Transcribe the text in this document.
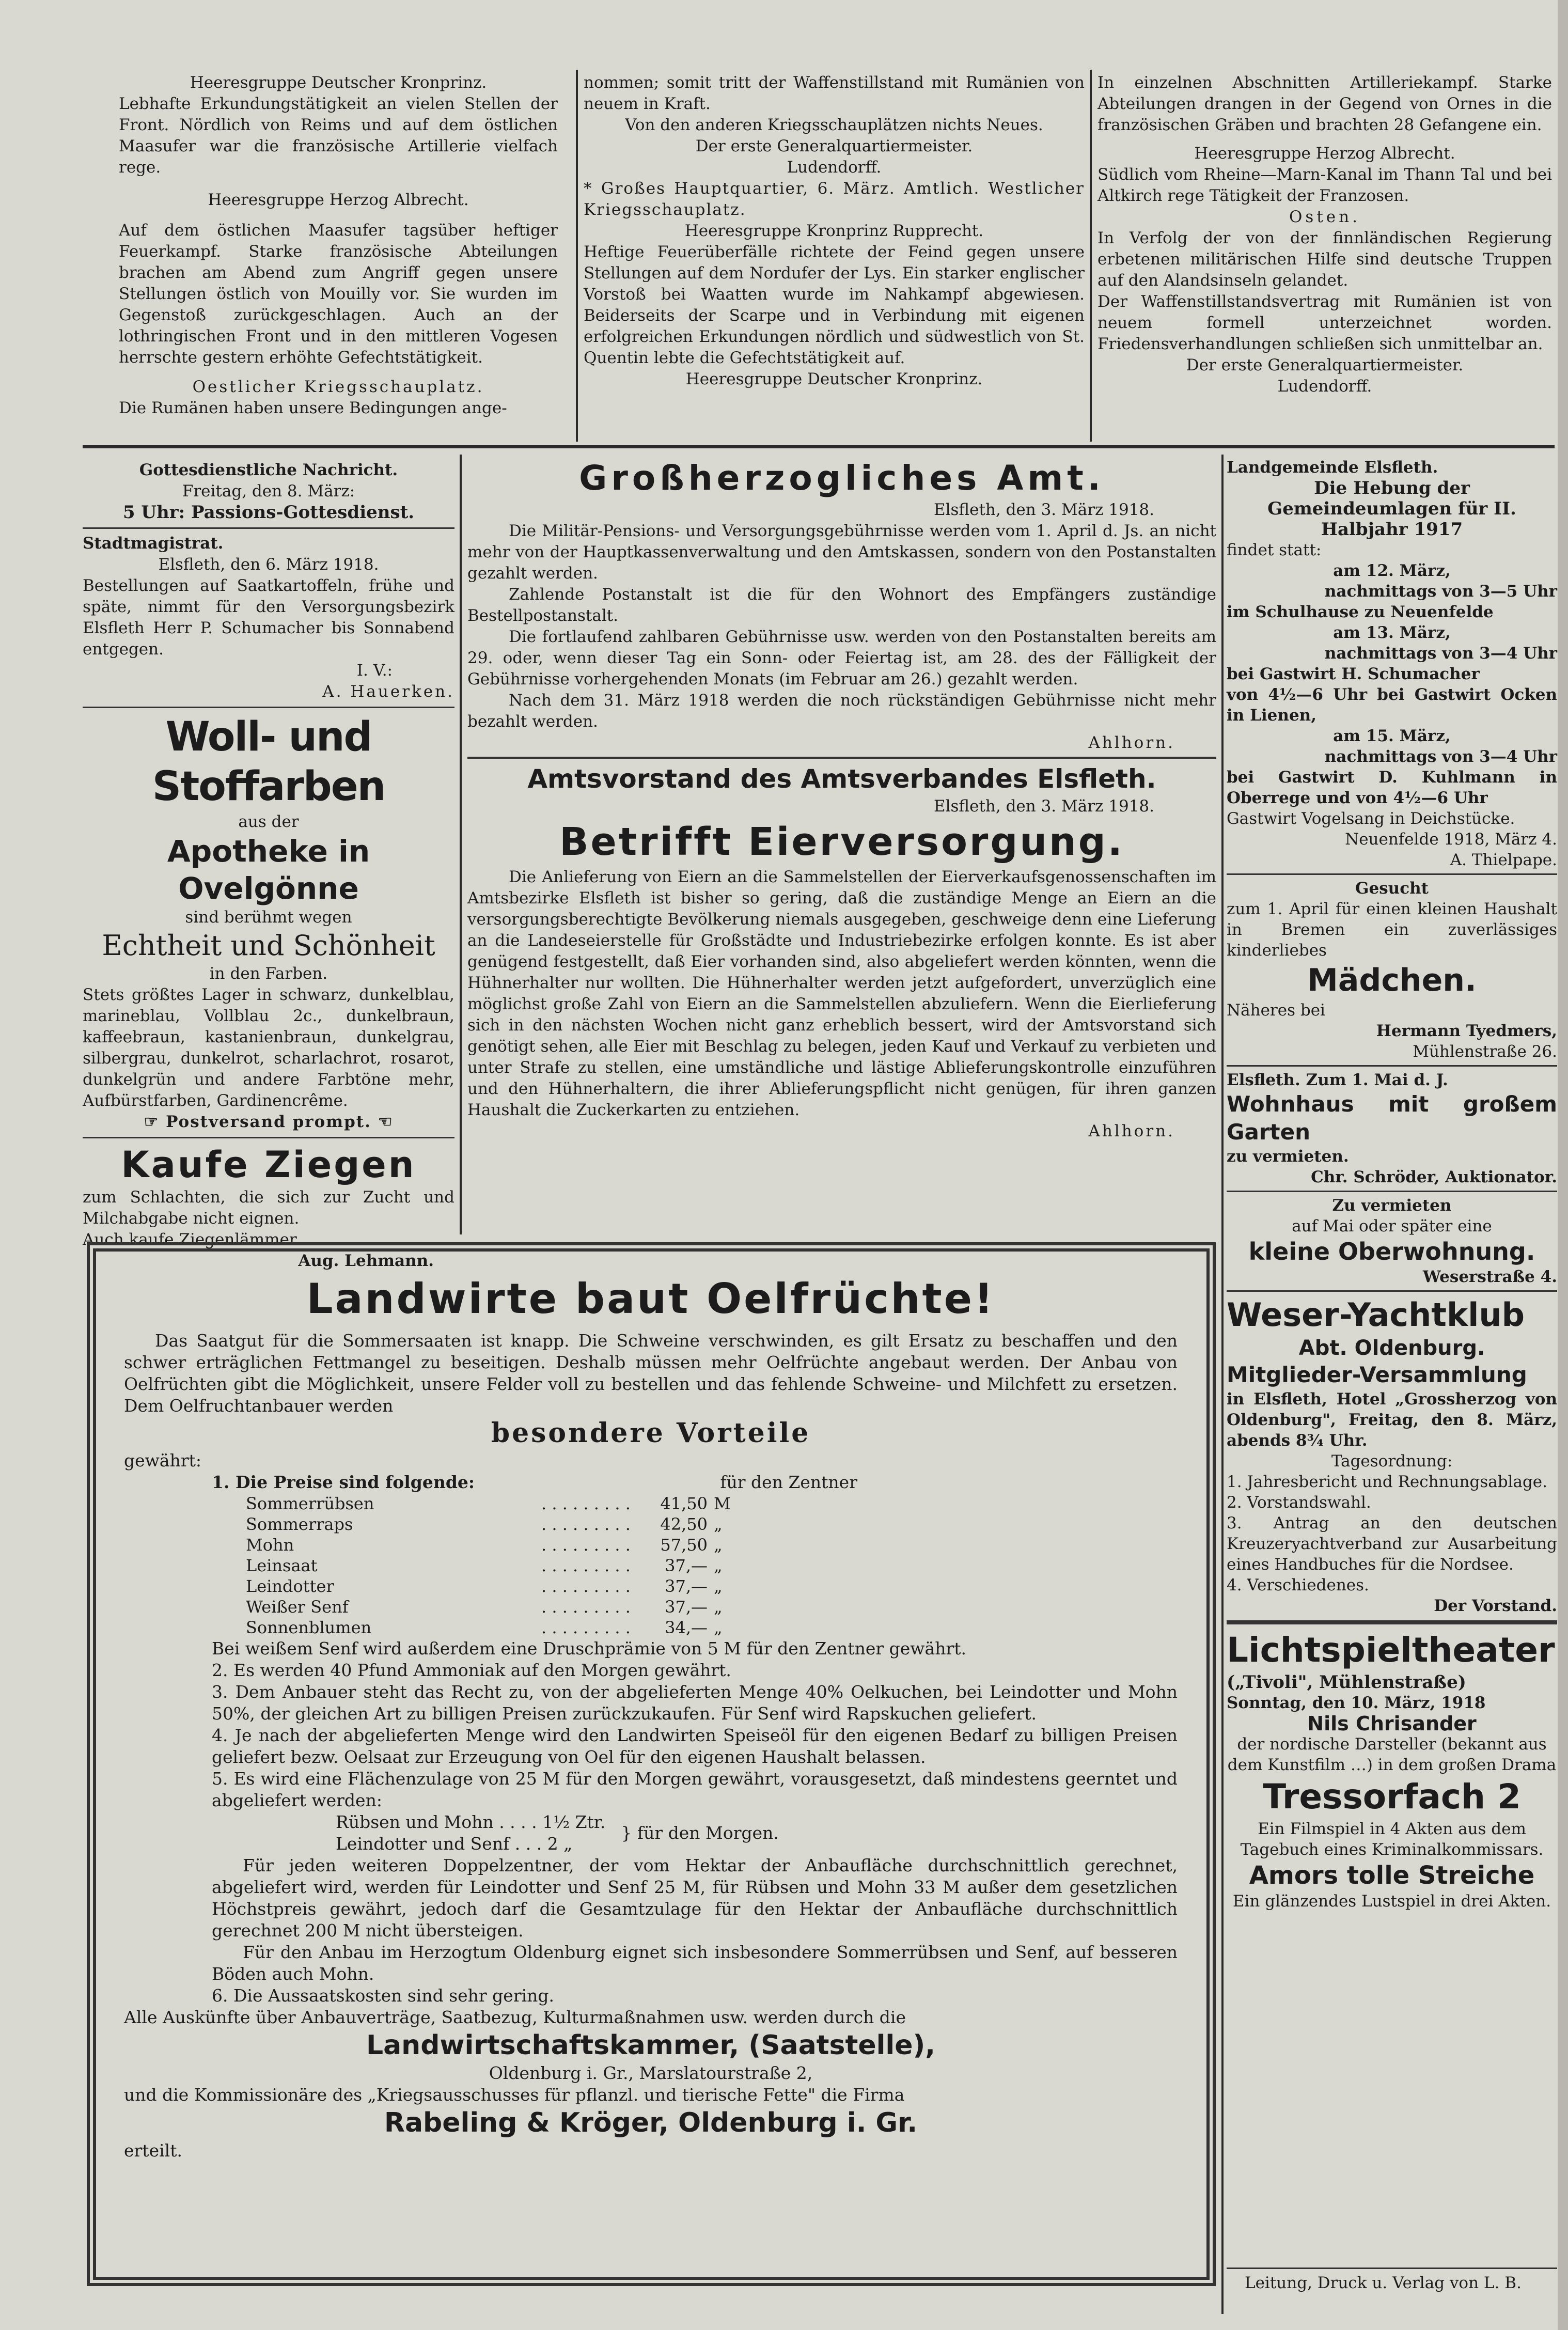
Heeresgruppe Deutscher Kronprinz.

Lebhafte Erkundungstätigkeit an vielen Stellen der Front. Nördlich von Reims und auf dem östlichen Maasufer war die französische Artillerie vielfach rege.

Heeresgruppe Herzog Albrecht.

Auf dem östlichen Maasufer tagsüber heftiger Feuerkampf. Starke französische Abteilungen brachen am Abend zum Angriff gegen unsere Stellungen östlich von Mouilly vor. Sie wurden im Gegenstoß zurückgeschlagen. Auch an der lothringischen Front und in den mittleren Vogesen herrschte gestern erhöhte Gefechtstätigkeit.

Oestlicher Kriegsschauplatz.

Die Rumänen haben unsere Bedingungen ange-

nommen; somit tritt der Waffenstillstand mit Rumänien von neuem in Kraft.

Von den anderen Kriegsschauplätzen nichts Neues.

Der erste Generalquartiermeister.

Ludendorff.

* Großes Hauptquartier, 6. März. Amtlich. Westlicher Kriegsschauplatz.

Heeresgruppe Kronprinz Rupprecht.

Heftige Feuerüberfälle richtete der Feind gegen unsere Stellungen auf dem Nordufer der Lys. Ein starker englischer Vorstoß bei Waatten wurde im Nahkampf abgewiesen. Beiderseits der Scarpe und in Verbindung mit eigenen erfolgreichen Erkundungen nördlich und südwestlich von St. Quentin lebte die Gefechtstätigkeit auf.

Heeresgruppe Deutscher Kronprinz.

In einzelnen Abschnitten Artilleriekampf. Starke Abteilungen drangen in der Gegend von Ornes in die französischen Gräben und brachten 28 Gefangene ein.

Heeresgruppe Herzog Albrecht.

Südlich vom Rheine—Marn-Kanal im Thann Tal und bei Altkirch rege Tätigkeit der Franzosen.

Osten.

In Verfolg der von der finnländischen Regierung erbetenen militärischen Hilfe sind deutsche Truppen auf den Alandsinseln gelandet.

Der Waffenstillstandsvertrag mit Rumänien ist von neuem formell unterzeichnet worden. Friedensverhandlungen schließen sich unmittelbar an.

Der erste Generalquartiermeister.

Ludendorff.

Gottesdienstliche Nachricht.

Freitag, den 8. März:

5 Uhr: Passions-Gottesdienst.

Stadtmagistrat.

Elsfleth, den 6. März 1918.

Bestellungen auf Saatkartoffeln, frühe und späte, nimmt für den Versorgungsbezirk Elsfleth Herr P. Schumacher bis Sonnabend entgegen.

I. V.:

A. Hauerken.

Woll- und Stoffarben

aus der

Apotheke in Ovelgönne

sind berühmt wegen

Echtheit und Schönheit

in den Farben.

Stets größtes Lager in schwarz, dunkelblau, marineblau, Vollblau 2c., dunkelbraun, kaffeebraun, kastanienbraun, dunkelgrau, silbergrau, dunkelrot, scharlachrot, rosarot, dunkelgrün und andere Farbtöne mehr, Aufbürstfarben, Gardinencrême.

☞ Postversand prompt. ☜

Kaufe Ziegen

zum Schlachten, die sich zur Zucht und Milchabgabe nicht eignen.

Auch kaufe Ziegenlämmer.

Aug. Lehmann.

Großherzogliches Amt.

Elsfleth, den 3. März 1918.

Die Militär-Pensions- und Versorgungsgebührnisse werden vom 1. April d. Js. an nicht mehr von der Hauptkassenverwaltung und den Amtskassen, sondern von den Postanstalten gezahlt werden.

Zahlende Postanstalt ist die für den Wohnort des Empfängers zuständige Bestellpostanstalt.

Die fortlaufend zahlbaren Gebührnisse usw. werden von den Postanstalten bereits am 29. oder, wenn dieser Tag ein Sonn- oder Feiertag ist, am 28. des der Fälligkeit der Gebührnisse vorhergehenden Monats (im Februar am 26.) gezahlt werden.

Nach dem 31. März 1918 werden die noch rückständigen Gebührnisse nicht mehr bezahlt werden.

Ahlhorn.

Amtsvorstand des Amtsverbandes Elsfleth.

Elsfleth, den 3. März 1918.

Betrifft Eierversorgung.

Die Anlieferung von Eiern an die Sammelstellen der Eierverkaufsgenossenschaften im Amtsbezirke Elsfleth ist bisher so gering, daß die zuständige Menge an Eiern an die versorgungsberechtigte Bevölkerung niemals ausgegeben, geschweige denn eine Lieferung an die Landeseierstelle für Großstädte und Industriebezirke erfolgen konnte. Es ist aber genügend festgestellt, daß Eier vorhanden sind, also abgeliefert werden könnten, wenn die Hühnerhalter nur wollten. Die Hühnerhalter werden jetzt aufgefordert, unverzüglich eine möglichst große Zahl von Eiern an die Sammelstellen abzuliefern. Wenn die Eierlieferung sich in den nächsten Wochen nicht ganz erheblich bessert, wird der Amtsvorstand sich genötigt sehen, alle Eier mit Beschlag zu belegen, jeden Kauf und Verkauf zu verbieten und unter Strafe zu stellen, eine umständliche und lästige Ablieferungskontrolle einzuführen und den Hühnerhaltern, die ihrer Ablieferungspflicht nicht genügen, für ihren ganzen Haushalt die Zuckerkarten zu entziehen.

Ahlhorn.

Landwirte baut Oelfrüchte!

Das Saatgut für die Sommersaaten ist knapp. Die Schweine verschwinden, es gilt Ersatz zu beschaffen und den schwer erträglichen Fettmangel zu beseitigen. Deshalb müssen mehr Oelfrüchte angebaut werden. Der Anbau von Oelfrüchten gibt die Möglichkeit, unsere Felder voll zu bestellen und das fehlende Schweine- und Milchfett zu ersetzen. Dem Oelfruchtanbauer werden

besondere Vorteile

gewährt:

1. Die Preise sind folgende:	für den Zentner
Sommerrübsen	. . . . . . . . .	41,50	M
Sommerraps	. . . . . . . . .	42,50	„
Mohn	. . . . . . . . .	57,50	„
Leinsaat	. . . . . . . . .	37,—	„
Leindotter	. . . . . . . . .	37,—	„
Weißer Senf	. . . . . . . . .	37,—	„
Sonnenblumen	. . . . . . . . .	34,—	„

Bei weißem Senf wird außerdem eine Druschprämie von 5 M für den Zentner gewährt.

2. Es werden 40 Pfund Ammoniak auf den Morgen gewährt.

3. Dem Anbauer steht das Recht zu, von der abgelieferten Menge 40% Oelkuchen, bei Leindotter und Mohn 50%, der gleichen Art zu billigen Preisen zurückzukaufen. Für Senf wird Rapskuchen geliefert.

4. Je nach der abgelieferten Menge wird den Landwirten Speiseöl für den eigenen Bedarf zu billigen Preisen geliefert bezw. Oelsaat zur Erzeugung von Oel für den eigenen Haushalt belassen.

5. Es wird eine Flächenzulage von 25 M für den Morgen gewährt, vorausgesetzt, daß mindestens geerntet und abgeliefert werden:

Rübsen und Mohn . . . . 1½ Ztr.

Leindotter und Senf . . . 2 „

} für den Morgen.

Für jeden weiteren Doppelzentner, der vom Hektar der Anbaufläche durchschnittlich gerechnet, abgeliefert wird, werden für Leindotter und Senf 25 M, für Rübsen und Mohn 33 M außer dem gesetzlichen Höchstpreis gewährt, jedoch darf die Gesamtzulage für den Hektar der Anbaufläche durchschnittlich gerechnet 200 M nicht übersteigen.

Für den Anbau im Herzogtum Oldenburg eignet sich insbesondere Sommerrübsen und Senf, auf besseren Böden auch Mohn.

6. Die Aussaatskosten sind sehr gering.

Alle Auskünfte über Anbauverträge, Saatbezug, Kulturmaßnahmen usw. werden durch die

Landwirtschaftskammer, (Saatstelle),

Oldenburg i. Gr., Marslatourstraße 2,

und die Kommissionäre des „Kriegsausschusses für pflanzl. und tierische Fette" die Firma

Rabeling & Kröger, Oldenburg i. Gr.

erteilt.

Landgemeinde Elsfleth.

Die Hebung der Gemeindeumlagen für II. Halbjahr 1917

findet statt:

am 12. März,

nachmittags von 3—5 Uhr

im Schulhause zu Neuenfelde

am 13. März,

nachmittags von 3—4 Uhr

bei Gastwirt H. Schumacher

von 4½—6 Uhr bei Gastwirt Ocken in Lienen,

am 15. März,

nachmittags von 3—4 Uhr

bei Gastwirt D. Kuhlmann in Oberrege und von 4½—6 Uhr

Gastwirt Vogelsang in Deichstücke.

Neuenfelde 1918, März 4.

A. Thielpape.

Gesucht

zum 1. April für einen kleinen Haushalt in Bremen ein zuverlässiges kinderliebes

Mädchen.

Näheres bei

Hermann Tyedmers,

Mühlenstraße 26.

Elsfleth. Zum 1. Mai d. J.

Wohnhaus mit großem Garten

zu vermieten.

Chr. Schröder, Auktionator.

Zu vermieten

auf Mai oder später eine

kleine Oberwohnung.

Weserstraße 4.

Weser-Yachtklub

Abt. Oldenburg.

Mitglieder-Versammlung

in Elsfleth, Hotel „Grossherzog von Oldenburg", Freitag, den 8. März, abends 8¾ Uhr.

Tagesordnung:

1. Jahresbericht und Rechnungsablage.

2. Vorstandswahl.

3. Antrag an den deutschen Kreuzeryachtverband zur Ausarbeitung eines Handbuches für die Nordsee.

4. Verschiedenes.

Der Vorstand.

Lichtspieltheater

(„Tivoli", Mühlenstraße)

Sonntag, den 10. März, 1918

Nils Chrisander

der nordische Darsteller (bekannt aus dem Kunstfilm …) in dem großen Drama

Tressorfach 2

Ein Filmspiel in 4 Akten aus dem Tagebuch eines Kriminalkommissars.

Amors tolle Streiche

Ein glänzendes Lustspiel in drei Akten.

Leitung, Druck u. Verlag von L. B.
